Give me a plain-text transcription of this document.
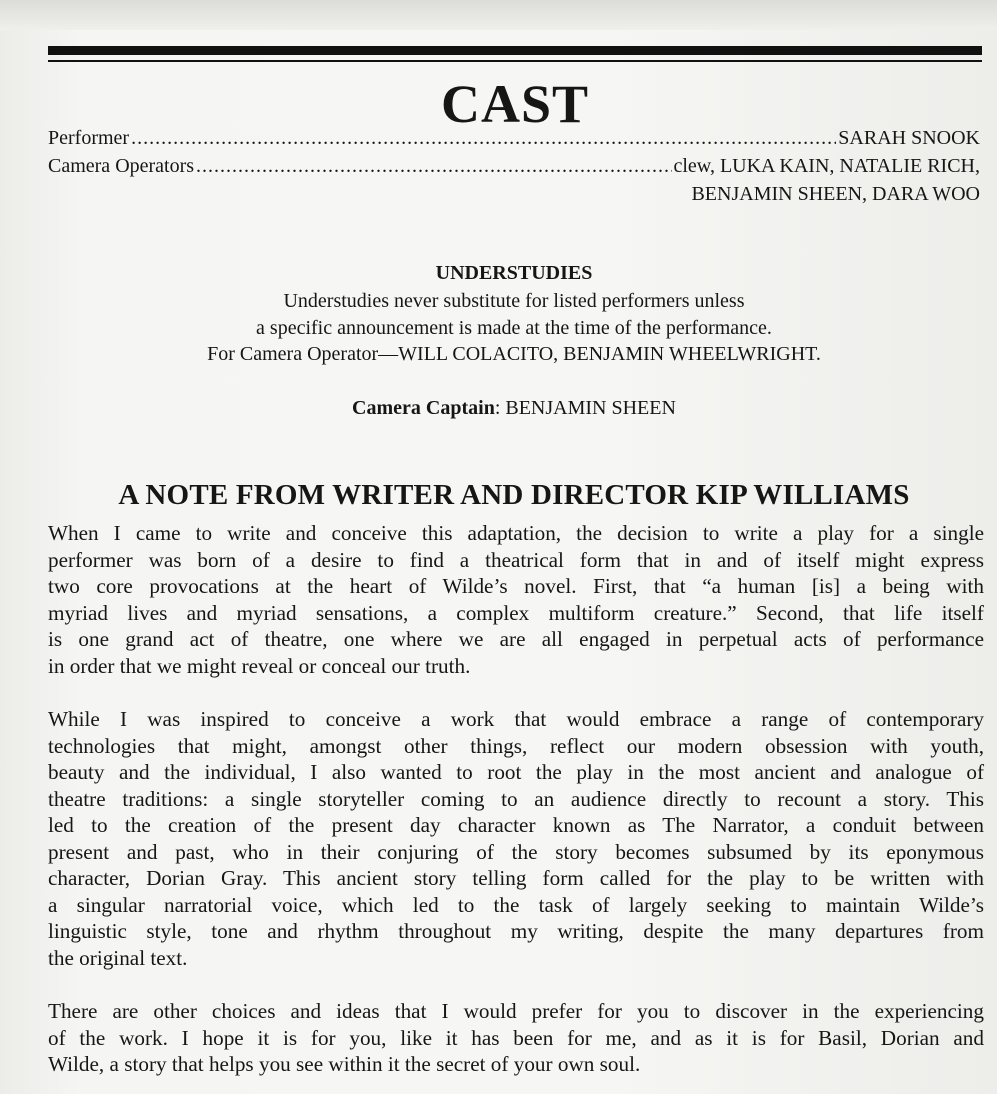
CAST
Performer .....	SARAH SNOOK
Camera Operators .....	clew, LUKA KAIN, NATALIE RICH,
BENJAMIN SHEEN, DARA WOO
UNDERSTUDIES
Understudies never substitute for listed performers unless
a specific announcement is made at the time of the performance.
For Camera Operator—WILL COLACITO, BENJAMIN WHEELWRIGHT.
Camera Captain: BENJAMIN SHEEN
A NOTE FROM WRITER AND DIRECTOR KIP WILLIAMS
When I came to write and conceive this adaptation, the decision to write a play for a single
performer was born of a desire to find a theatrical form that in and of itself might express
two core provocations at the heart of Wilde’s novel. First, that “a human [is] a being with
myriad lives and myriad sensations, a complex multiform creature.” Second, that life itself
is one grand act of theatre, one where we are all engaged in perpetual acts of performance
in order that we might reveal or conceal our truth.
While I was inspired to conceive a work that would embrace a range of contemporary
technologies that might, amongst other things, reflect our modern obsession with youth,
beauty and the individual, I also wanted to root the play in the most ancient and analogue of
theatre traditions: a single storyteller coming to an audience directly to recount a story. This
led to the creation of the present day character known as The Narrator, a conduit between
present and past, who in their conjuring of the story becomes subsumed by its eponymous
character, Dorian Gray. This ancient story telling form called for the play to be written with
a singular narratorial voice, which led to the task of largely seeking to maintain Wilde’s
linguistic style, tone and rhythm throughout my writing, despite the many departures from
the original text.
There are other choices and ideas that I would prefer for you to discover in the experiencing
of the work. I hope it is for you, like it has been for me, and as it is for Basil, Dorian and
Wilde, a story that helps you see within it the secret of your own soul.
